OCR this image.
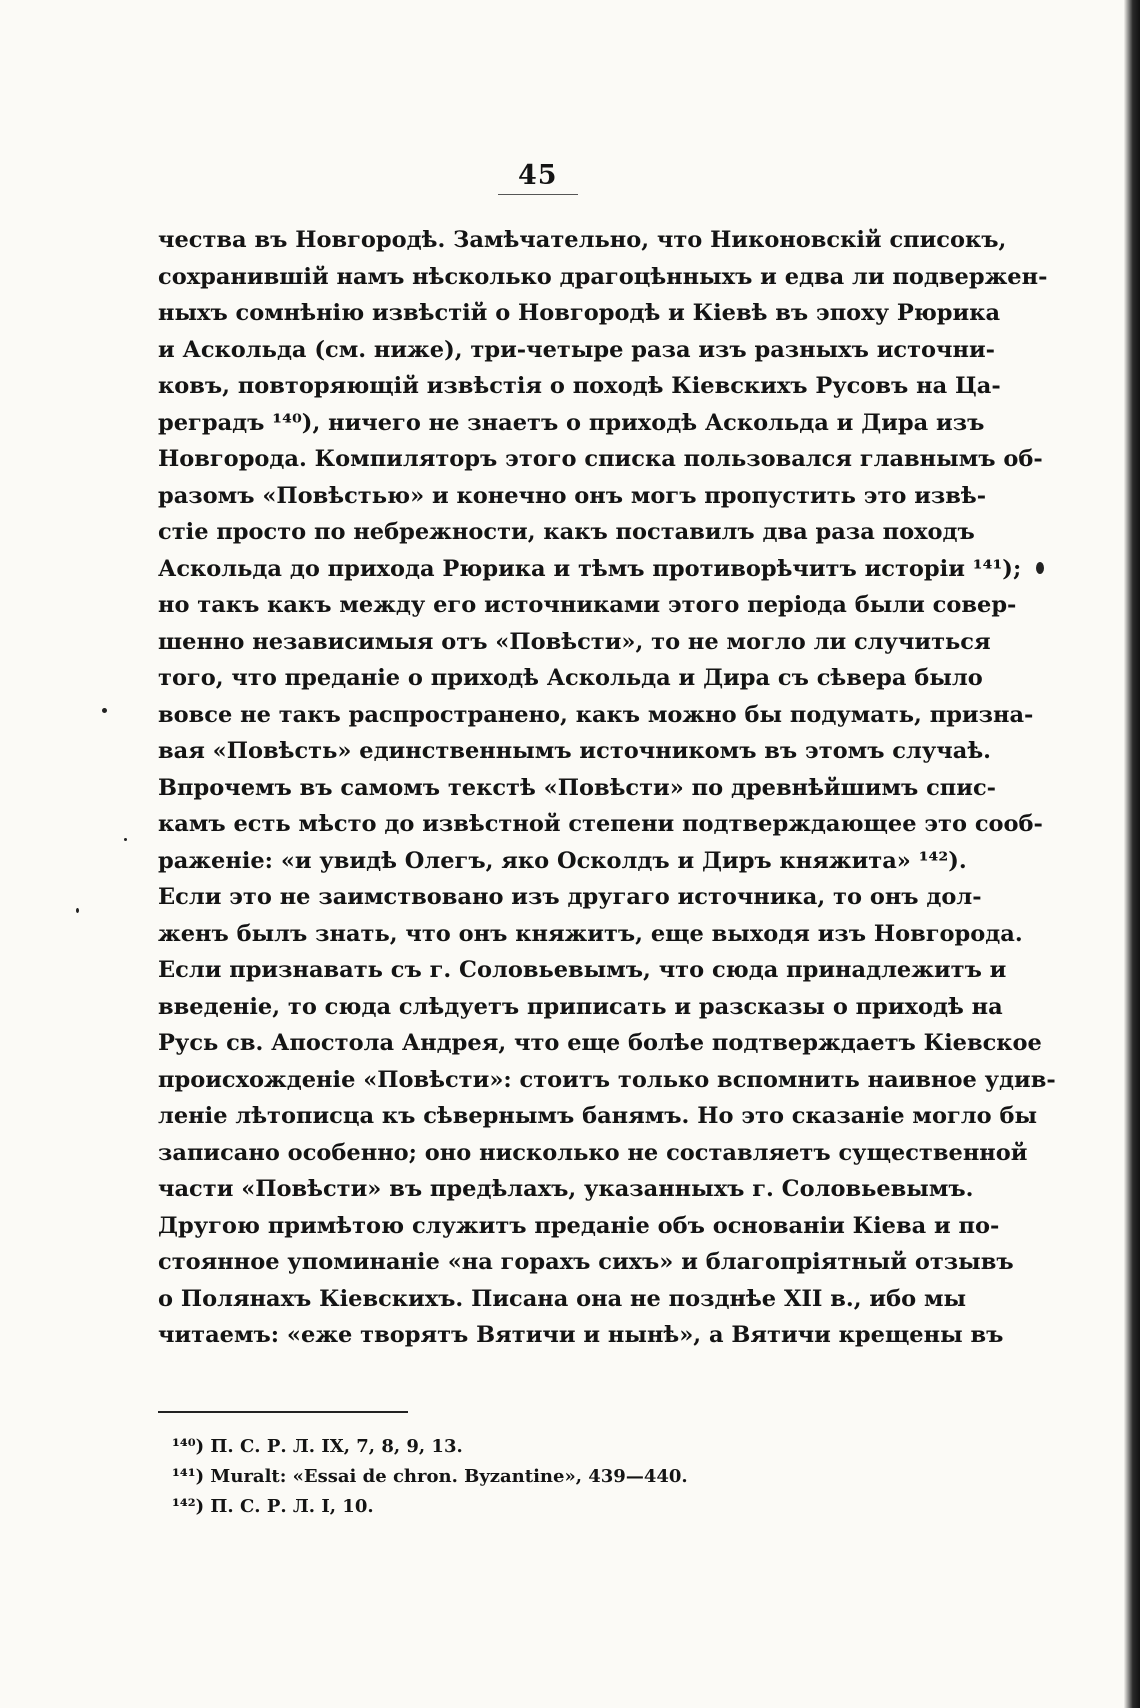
45
чества въ Новгородѣ. Замѣчательно, что Никоновскій списокъ,
сохранившій намъ нѣсколько драгоцѣнныхъ и едва ли подвержен-
ныхъ сомнѣнію извѣстій о Новгородѣ и Кіевѣ въ эпоху Рюрика
и Аскольда (см. ниже), три-четыре раза изъ разныхъ источни-
ковъ, повторяющій извѣстія о походѣ Кіевскихъ Русовъ на Ца-
реградъ ¹⁴⁰), ничего не знаетъ о приходѣ Аскольда и Дира изъ
Новгорода. Компиляторъ этого списка пользовался главнымъ об-
разомъ «Повѣстью» и конечно онъ могъ пропустить это извѣ-
стіе просто по небрежности, какъ поставилъ два раза походъ
Аскольда до прихода Рюрика и тѣмъ противорѣчитъ исторіи ¹⁴¹);
но такъ какъ между его источниками этого періода были совер-
шенно независимыя отъ «Повѣсти», то не могло ли случиться
того, что преданіе о приходѣ Аскольда и Дира съ сѣвера было
вовсе не такъ распространено, какъ можно бы подумать, призна-
вая «Повѣсть» единственнымъ источникомъ въ этомъ случаѣ.
Впрочемъ въ самомъ текстѣ «Повѣсти» по древнѣйшимъ спис-
камъ есть мѣсто до извѣстной степени подтверждающее это сооб-
раженіе: «и увидѣ Олегъ, яко Осколдъ и Диръ княжита» ¹⁴²).
Если это не заимствовано изъ другаго источника, то онъ дол-
женъ былъ знать, что онъ княжитъ, еще выходя изъ Новгорода.
Если признавать съ г. Соловьевымъ, что сюда принадлежитъ и
введеніе, то сюда слѣдуетъ приписать и разсказы о приходѣ на
Русь св. Апостола Андрея, что еще болѣе подтверждаетъ Кіевское
происхожденіе «Повѣсти»: стоитъ только вспомнить наивное удив-
леніе лѣтописца къ сѣвернымъ банямъ. Но это сказаніе могло бы
записано особенно; оно нисколько не составляетъ существенной
части «Повѣсти» въ предѣлахъ, указанныхъ г. Соловьевымъ.
Другою примѣтою служитъ преданіе объ основаніи Кіева и по-
стоянное упоминаніе «на горахъ сихъ» и благопріятный отзывъ
о Полянахъ Кіевскихъ. Писана она не позднѣе XII в., ибо мы
читаемъ: «еже творятъ Вятичи и нынѣ», а Вятичи крещены въ
¹⁴⁰) П. С. Р. Л. IX, 7, 8, 9, 13.
¹⁴¹) Muralt: «Essai de chron. Byzantine», 439—440.
¹⁴²) П. С. Р. Л. I, 10.
